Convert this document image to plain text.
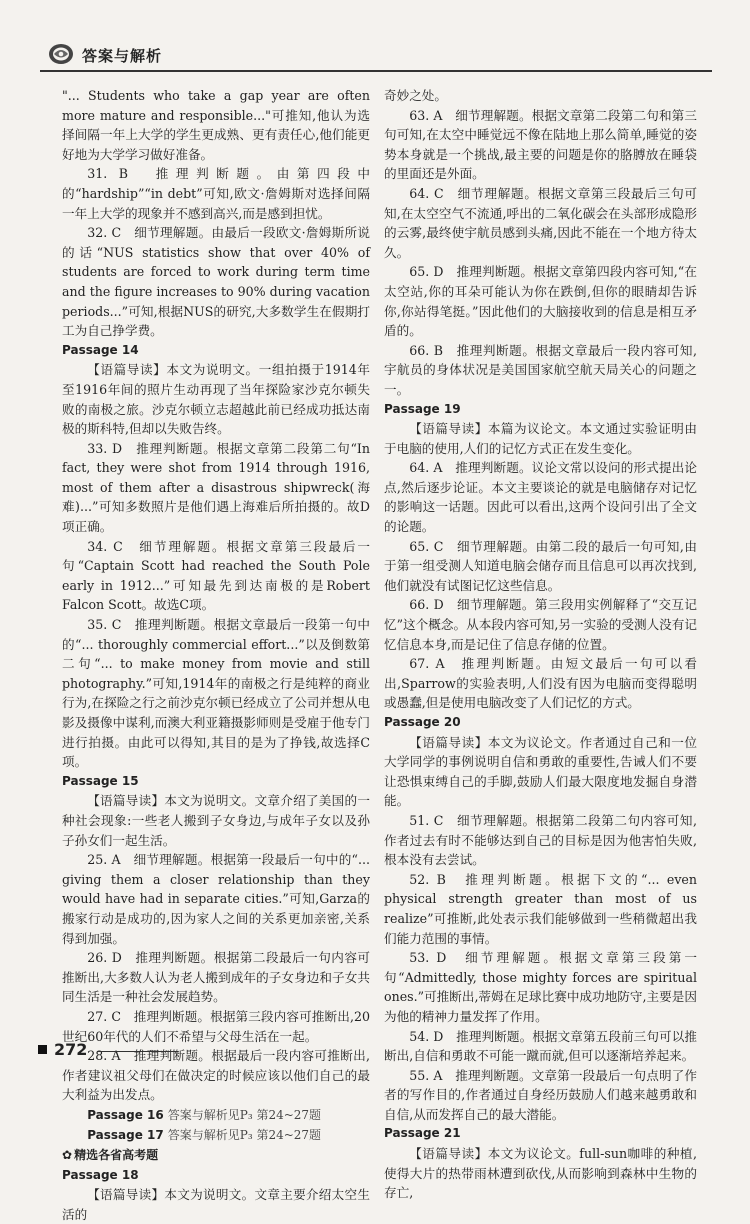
答案与解析

"... Students who take a gap year are often more mature and responsible..."可推知,他认为选择间隔一年上大学的学生更成熟、更有责任心,他们能更好地为大学学习做好准备。

31. B　推理判断题。由第四段中的“hardship”“in debt”可知,欧文·詹姆斯对选择间隔一年上大学的现象并不感到高兴,而是感到担忧。

32. C　细节理解题。由最后一段欧文·詹姆斯所说的话“NUS statistics show that over 40% of students are forced to work during term time and the figure increases to 90% during vacation periods...”可知,根据NUS的研究,大多数学生在假期打工为自己挣学费。

Passage 14

【语篇导读】本文为说明文。一组拍摄于1914年至1916年间的照片生动再现了当年探险家沙克尔顿失败的南极之旅。沙克尔顿立志超越此前已经成功抵达南极的斯科特,但却以失败告终。

33. D　推理判断题。根据文章第二段第二句“In fact, they were shot from 1914 through 1916, most of them after a disastrous shipwreck(海难)...”可知多数照片是他们遇上海难后所拍摄的。故D项正确。

34. C　细节理解题。根据文章第三段最后一句“Captain Scott had reached the South Pole early in 1912...”可知最先到达南极的是Robert Falcon Scott。故选C项。

35. C　推理判断题。根据文章最后一段第一句中的“... thoroughly commercial effort...”以及倒数第二句“... to make money from movie and still photography.”可知,1914年的南极之行是纯粹的商业行为,在探险之行之前沙克尔顿已经成立了公司并想从电影及摄像中谋利,而澳大利亚籍摄影师则是受雇于他专门进行拍摄。由此可以得知,其目的是为了挣钱,故选择C项。

Passage 15

【语篇导读】本文为说明文。文章介绍了美国的一种社会现象:一些老人搬到子女身边,与成年子女以及孙子孙女们一起生活。

25. A　细节理解题。根据第一段最后一句中的“... giving them a closer relationship than they would have had in separate cities.”可知,Garza的搬家行动是成功的,因为家人之间的关系更加亲密,关系得到加强。

26. D　推理判断题。根据第二段最后一句内容可推断出,大多数人认为老人搬到成年的子女身边和子女共同生活是一种社会发展趋势。

27. C　推理判断题。根据第三段内容可推断出,20世纪60年代的人们不希望与父母生活在一起。

28. A　推理判断题。根据最后一段内容可推断出,作者建议祖父母们在做决定的时候应该以他们自己的最大利益为出发点。

Passage 16 答案与解析见P₃ 第24~27题

Passage 17 答案与解析见P₃ 第24~27题

✿ 精选各省高考题

Passage 18

【语篇导读】本文为说明文。文章主要介绍太空生活的

奇妙之处。

63. A　细节理解题。根据文章第二段第二句和第三句可知,在太空中睡觉远不像在陆地上那么简单,睡觉的姿势本身就是一个挑战,最主要的问题是你的胳膊放在睡袋的里面还是外面。

64. C　细节理解题。根据文章第三段最后三句可知,在太空空气不流通,呼出的二氧化碳会在头部形成隐形的云雾,最终使宇航员感到头痛,因此不能在一个地方待太久。

65. D　推理判断题。根据文章第四段内容可知,“在太空站,你的耳朵可能认为你在跌倒,但你的眼睛却告诉你,你站得笔挺。”因此他们的大脑接收到的信息是相互矛盾的。

66. B　推理判断题。根据文章最后一段内容可知,宇航员的身体状况是美国国家航空航天局关心的问题之一。

Passage 19

【语篇导读】本篇为议论文。本文通过实验证明由于电脑的使用,人们的记忆方式正在发生变化。

64. A　推理判断题。议论文常以设问的形式提出论点,然后逐步论证。本文主要谈论的就是电脑储存对记忆的影响这一话题。因此可以看出,这两个设问引出了全文的论题。

65. C　细节理解题。由第二段的最后一句可知,由于第一组受测人知道电脑会储存而且信息可以再次找到,他们就没有试图记忆这些信息。

66. D　细节理解题。第三段用实例解释了“交互记忆”这个概念。从本段内容可知,另一实验的受测人没有记忆信息本身,而是记住了信息存储的位置。

67. A　推理判断题。由短文最后一句可以看出,Sparrow的实验表明,人们没有因为电脑而变得聪明或愚蠢,但是使用电脑改变了人们记忆的方式。

Passage 20

【语篇导读】本文为议论文。作者通过自己和一位大学同学的事例说明自信和勇敢的重要性,告诫人们不要让恐惧束缚自己的手脚,鼓励人们最大限度地发掘自身潜能。

51. C　细节理解题。根据第二段第二句内容可知,作者过去有时不能够达到自己的目标是因为他害怕失败,根本没有去尝试。

52. B　推理判断题。根据下文的“... even physical strength greater than most of us realize”可推断,此处表示我们能够做到一些稍微超出我们能力范围的事情。

53. D　细节理解题。根据文章第三段第一句“Admittedly, those mighty forces are spiritual ones.”可推断出,蒂姆在足球比赛中成功地防守,主要是因为他的精神力量发挥了作用。

54. D　推理判断题。根据文章第五段前三句可以推断出,自信和勇敢不可能一蹴而就,但可以逐渐培养起来。

55. A　推理判断题。文章第一段最后一句点明了作者的写作目的,作者通过自身经历鼓励人们越来越勇敢和自信,从而发挥自己的最大潜能。

Passage 21

【语篇导读】本文为议论文。full-sun咖啡的种植,使得大片的热带雨林遭到砍伐,从而影响到森林中生物的存亡,

272
